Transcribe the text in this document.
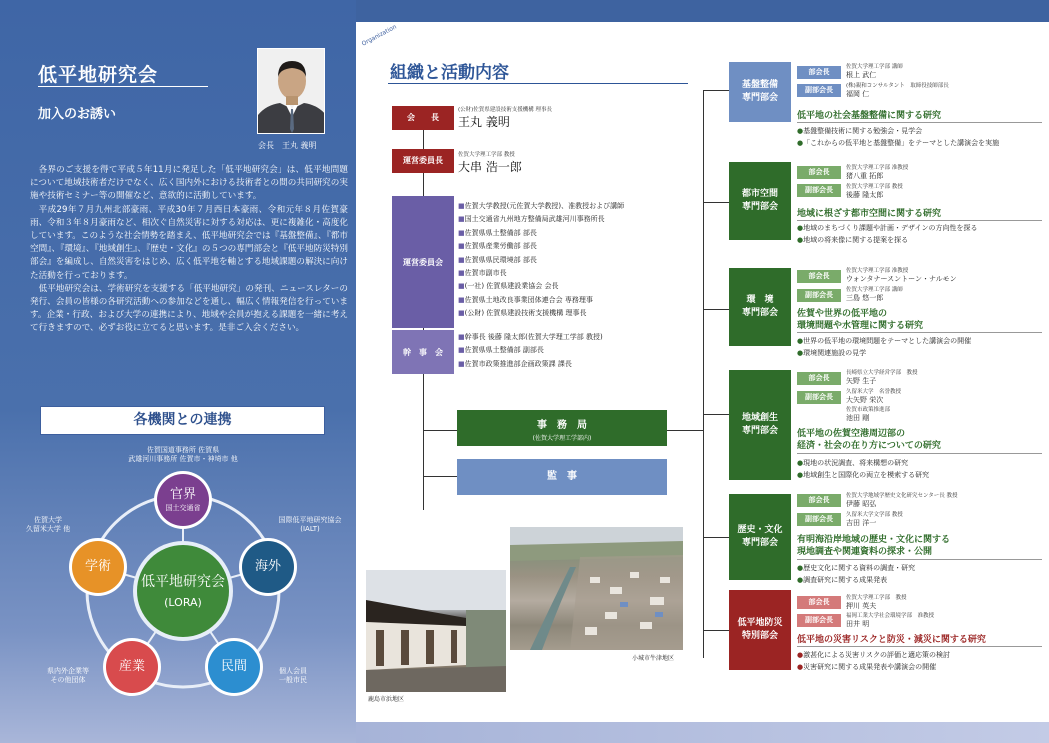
低平地研究会
加入のお誘い
会長　王丸 義明

各界のご支援を得て平成５年11月に発足した「低平地研究会」は、低平地問題について地域技術者だけでなく、広く国内外における技術者との間の共同研究の実施や技術セミナー等の開催など、意欲的に活動しています。

平成29年７月九州北部豪雨、平成30年７月西日本豪雨、令和元年８月佐賀豪雨、令和３年８月豪雨など、相次ぐ自然災害に対する対応は、更に複雑化・高度化しています。このような社会情勢を踏まえ、低平地研究会では『基盤整備』、『都市空間』、『環境』、『地域創生』、『歴史・文化』の５つの専門部会と『低平地防災特別部会』を編成し、自然災害をはじめ、広く低平地を軸とする地域課題の解決に向けた活動を行っております。

低平地研究会は、学術研究を支援する「低平地研究」の発刊、ニュースレターの発行、会員の皆様の各研究活動への参加などを通し、幅広く情報発信を行っています。企業・行政、および大学の連携により、地域や会員が抱える課題を一緒に考えて行きますので、必ずお役に立てると思います。是非ご入会ください。

各機関との連携
低平地研究会
(LORA)
官界
国土交通省
海外
民間
産業
学術
佐賀国道事務所 佐賀県
武雄河川事務所 佐賀市・神埼市 他
国際低平地研究協会
(IALT)
佐賀大学
久留米大学 他
個人会員
一般市民
県内外企業等
その他団体
Organization
組織と活動内容
会　　長
(公財)佐賀県建設技術支援機構 理事長
王丸 義明
運営委員長
佐賀大学理工学部 教授
大串 浩一郎
運営委員会
■佐賀大学教授(元佐賀大学教授)、准教授および講師
■国土交通省九州地方整備局武雄河川事務所長
■佐賀県県土整備部 部長
■佐賀県産業労働部 部長
■佐賀県県民環境部 部長
■佐賀市副市長
■(一社) 佐賀県建設業協会 会長
■佐賀県土地改良事業団体連合会 専務理事
■(公財) 佐賀県建設技術支援機構 理事長
幹　事　会
■幹事長 後藤 隆太郎(佐賀大学理工学部 教授)
■佐賀県県土整備部 副部長
■佐賀市政策推進部企画政策課 課長
事　務　局
(佐賀大学理工学部内)
監　事
小城市牛津地区
鹿島市浜地区
基盤整備
専門部会
部会長
佐賀大学理工学部 講師
根上 武仁
副部会長	(株)親和コンサルタント　取締役技師部長
福岡 仁
低平地の社会基盤整備に関する研究
●基盤整備技術に関する勉強会・見学会
●「これからの低平地と基盤整備」をテーマとした講演会を実施
都市空間
専門部会
部会長	佐賀大学理工学部 准教授
猪八重 拓郎
副部会長	佐賀大学理工学部 教授
後藤 隆太郎
地域に根ざす都市空間に関する研究
●地域のまちづくり課題や計画・デザインの方向性を探る
●地域の将来像に関する提案を探る
環　境
専門部会
部会長
佐賀大学理工学部 准教授
ウォンタナースントーン・ナルモン
副部会長
佐賀大学理工学部 講師
三島 悠一郎
佐賀や世界の低平地の
環境問題や水管理に関する研究
●世界の低平地の環境問題をテーマとした講演会の開催
●環境関連施設の見学
地域創生
専門部会
部会長
長崎県立大学経営学部　教授
矢野 生子
副部会長
久留米大学　名誉教授
大矢野 栄次
佐賀市政策推進部
池田 剛
低平地の佐賀空港周辺部の
経済・社会の在り方についての研究
●現地の状況調査、将来構想の研究
●地域創生と国際化の両立を模索する研究
歴史・文化
専門部会
部会長	佐賀大学地域学歴史文化研究センター長 教授
伊藤 昭弘
副部会長	久留米大学文学部 教授
吉田 洋一
有明海沿岸地域の歴史・文化に関する
現地調査や関連資料の探求・公開
●歴史文化に関する資料の調査・研究
●調査研究に関する成果発表
低平地防災
特別部会
部会長	佐賀大学理工学部　教授
押川 英夫
副部会長	福岡工業大学社会環境学部　准教授
田井 明
低平地の災害リスクと防災・減災に関する研究
●激甚化による災害リスクの評価と適応策の検討
●災害研究に関する成果発表や講演会の開催
